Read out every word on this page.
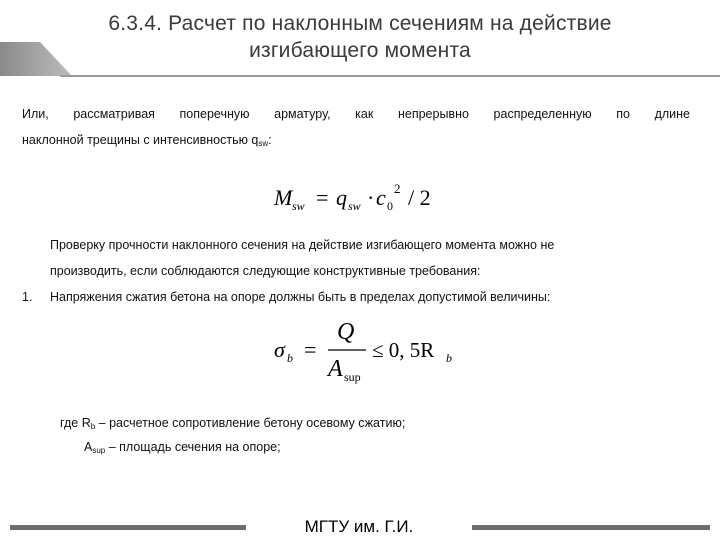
6.3.4. Расчет по наклонным сечениям на действие
изгибающего момента
Или, рассматривая поперечную арматуру, как непрерывно распределенную по длине
наклонной трещины с интенсивностью $q_{sw}$:
M sw = q sw · c 0
2 / 2
Проверку прочности наклонного сечения на действие изгибающего момента можно не
производить, если соблюдаются следующие конструктивные требования:
1. Напряжения сжатия бетона на опоре должны быть в пределах допустимой величины:
σ b =
Q
A sup
≤ 0, 5R b
где $R_b$ – расчетное сопротивление бетону осевому сжатию;
$A_{sup}$ – площадь сечения на опоре;
МГТУ им. Г.И.
